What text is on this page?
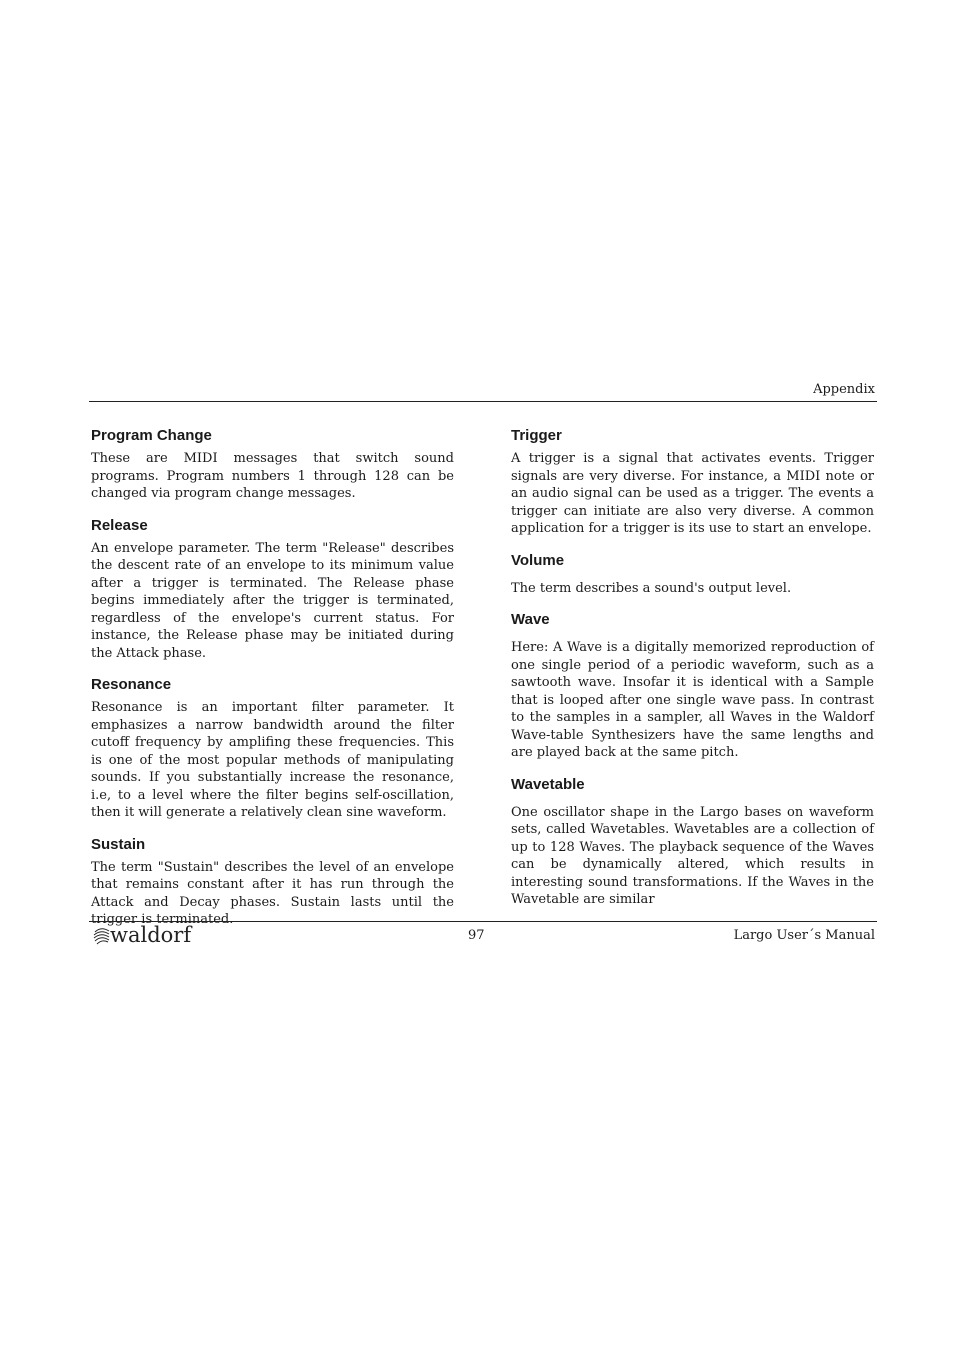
Appendix
Program Change

These are MIDI messages that switch sound programs. Program numbers 1 through 128 can be changed via program change messages.

Release

An envelope parameter. The term "Release" describes the descent rate of an envelope to its minimum value after a trigger is terminated. The Release phase begins immediately after the trigger is terminated, regardless of the envelope's current status. For instance, the Release phase may be initiated during the Attack phase.

Resonance

Resonance is an important filter parameter. It emphasizes a narrow bandwidth around the filter cutoff frequency by amplifing these frequencies. This is one of the most popular methods of manipulating sounds. If you substantially increase the resonance, i.e, to a level where the filter begins self-oscillation, then it will generate a relatively clean sine waveform.

Sustain

The term "Sustain" describes the level of an envelope that remains constant after it has run through the Attack and Decay phases. Sustain lasts until the trigger is terminated.

Trigger

A trigger is a signal that activates events. Trigger signals are very diverse. For instance, a MIDI note or an audio signal can be used as a trigger. The events a trigger can initiate are also very diverse. A common application for a trigger is its use to start an envelope.

Volume

The term describes a sound's output level.

Wave

Here: A Wave is a digitally memorized reproduction of one single period of a periodic waveform, such as a sawtooth wave. Insofar it is identical with a Sample that is looped after one single wave pass. In contrast to the samples in a sampler, all Waves in the Waldorf Wave-table Synthesizers have the same lengths and are played back at the same pitch.

Wavetable

One oscillator shape in the Largo bases on waveform sets, called Wavetables. Wavetables are a collection of up to 128 Waves. The playback sequence of the Waves can be dynamically altered, which results in interesting sound transformations. If the Waves in the Wavetable are similar

waldorf	97	Largo User´s Manual
